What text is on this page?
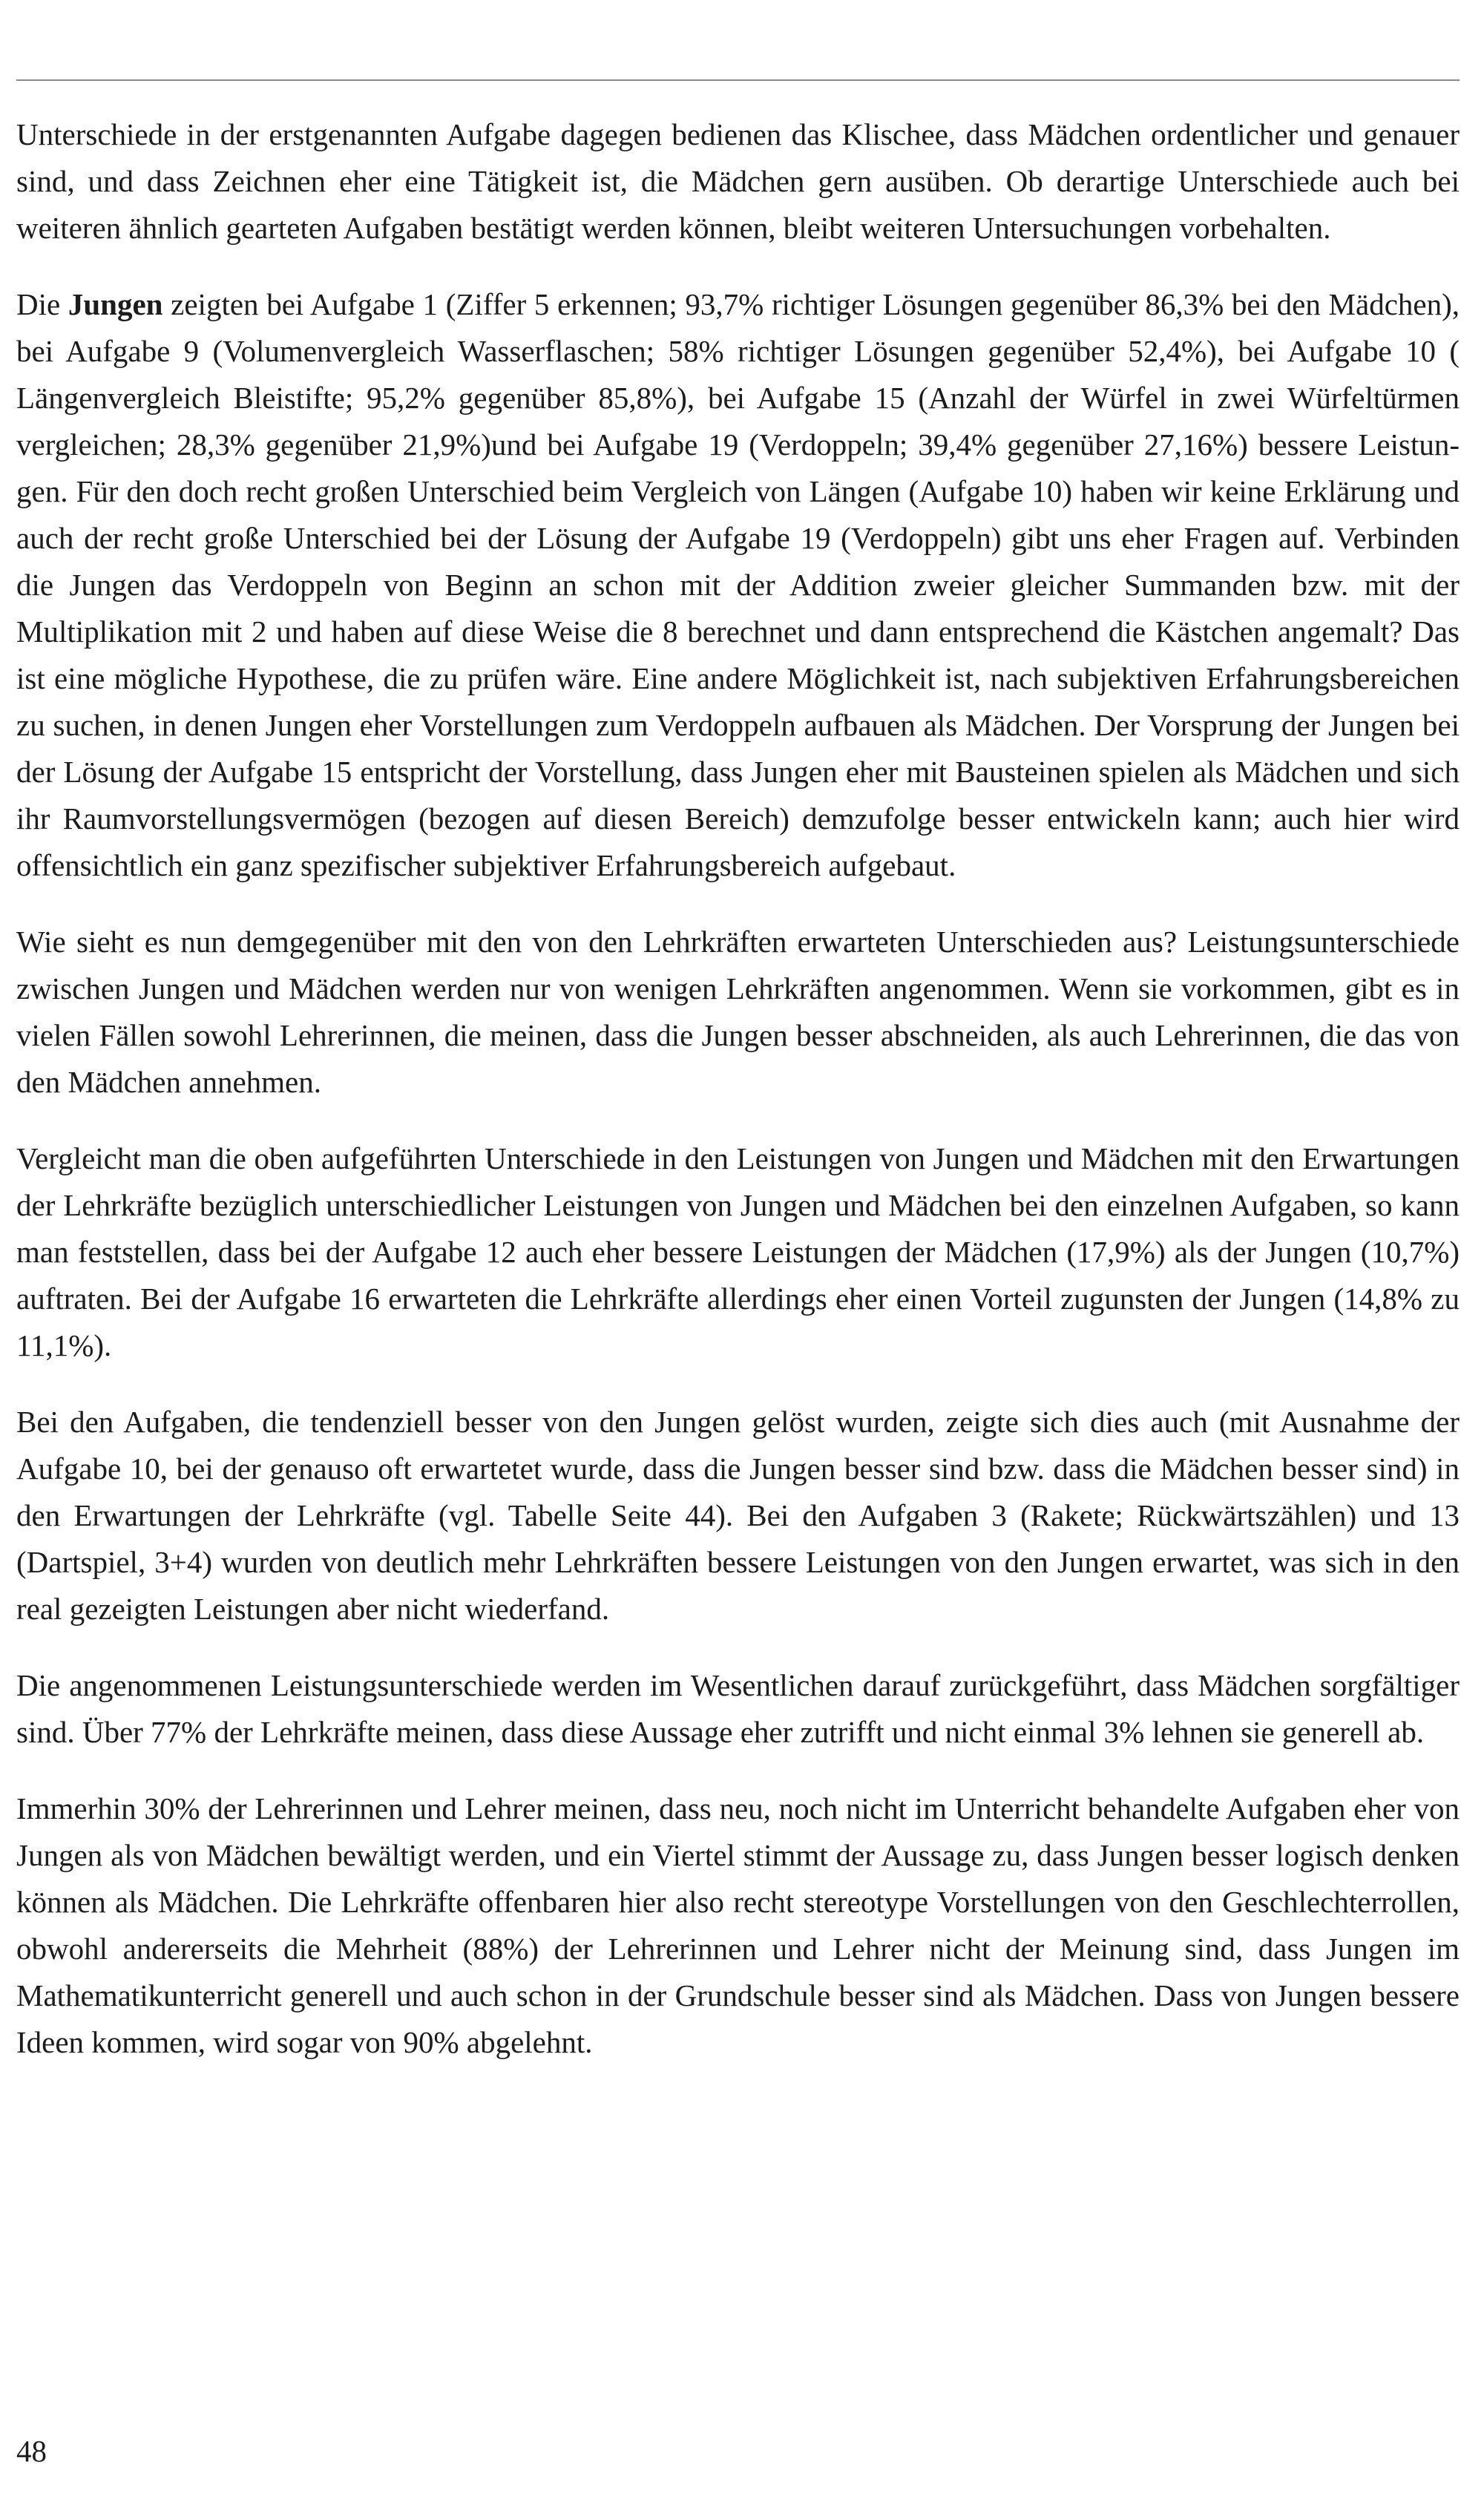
Unterschiede in der erstgenannten Aufgabe dagegen bedienen das Klischee, dass Mädchen ordentlicher und genauer sind, und dass Zeichnen eher eine Tätigkeit ist, die Mädchen gern ausüben. Ob derartige Unterschiede auch bei weiteren ähnlich gearteten Aufgaben bestätigt werden können, bleibt weiteren Untersuchungen vorbehalten.

Die Jungen zeigten bei Aufgabe 1 (Ziffer 5 erkennen; 93,7% richtiger Lösungen gegenüber 86,3% bei den Mädchen), bei Aufgabe 9 (Volumenvergleich Wasserflaschen; 58% richtiger Lösungen gegenüber 52,4%), bei Aufgabe 10 ( Längenvergleich Bleistifte; 95,2% gegenüber 85,8%), bei Aufgabe 15 (Anzahl der Würfel in zwei Würfeltürmen vergleichen; 28,3% gegenüber 21,9%)und bei Aufgabe 19 (Verdoppeln; 39,4% gegenüber 27,16%) bessere Leistungen. Für den doch recht großen Unterschied beim Vergleich von Längen (Aufgabe 10) haben wir keine Erklärung und auch der recht große Unterschied bei der Lösung der Aufgabe 19 (Verdoppeln) gibt uns eher Fragen auf. Verbinden die Jungen das Verdoppeln von Beginn an schon mit der Addition zweier gleicher Summanden bzw. mit der Multiplikation mit 2 und haben auf diese Weise die 8 berechnet und dann entsprechend die Kästchen angemalt? Das ist eine mögliche Hypothese, die zu prüfen wäre. Eine andere Möglichkeit ist, nach subjektiven Erfahrungsbereichen zu suchen, in denen Jungen eher Vorstellungen zum Verdoppeln aufbauen als Mädchen. Der Vorsprung der Jungen bei der Lösung der Aufgabe 15 entspricht der Vorstellung, dass Jungen eher mit Bausteinen spielen als Mädchen und sich ihr Raumvorstellungsvermögen (bezogen auf diesen Bereich) demzufolge besser entwickeln kann; auch hier wird offensichtlich ein ganz spezifischer subjektiver Erfahrungsbereich aufgebaut.

Wie sieht es nun demgegenüber mit den von den Lehrkräften erwarteten Unterschieden aus? Leistungsunterschiede zwischen Jungen und Mädchen werden nur von wenigen Lehrkräften angenommen. Wenn sie vorkommen, gibt es in vielen Fällen sowohl Lehrerinnen, die meinen, dass die Jungen besser abschneiden, als auch Lehrerinnen, die das von den Mädchen annehmen.

Vergleicht man die oben aufgeführten Unterschiede in den Leistungen von Jungen und Mädchen mit den Erwartungen der Lehrkräfte bezüglich unterschiedlicher Leistungen von Jungen und Mädchen bei den einzelnen Aufgaben, so kann man feststellen, dass bei der Aufgabe 12 auch eher bessere Leistungen der Mädchen (17,9%) als der Jungen (10,7%) auftraten. Bei der Aufgabe 16 erwarteten die Lehrkräfte allerdings eher einen Vorteil zugunsten der Jungen (14,8% zu 11,1%).

Bei den Aufgaben, die tendenziell besser von den Jungen gelöst wurden, zeigte sich dies auch (mit Ausnahme der Aufgabe 10, bei der genauso oft erwartetet wurde, dass die Jungen besser sind bzw. dass die Mädchen besser sind) in den Erwartungen der Lehrkräfte (vgl. Tabelle Seite 44). Bei den Aufgaben 3 (Rakete; Rückwärtszählen) und 13 (Dartspiel, 3+4) wurden von deutlich mehr Lehrkräften bessere Leistungen von den Jungen erwartet, was sich in den real gezeigten Leistungen aber nicht wiederfand.

Die angenommenen Leistungsunterschiede werden im Wesentlichen darauf zurückgeführt, dass Mädchen sorgfältiger sind. Über 77% der Lehrkräfte meinen, dass diese Aussage eher zutrifft und nicht einmal 3% lehnen sie generell ab.

Immerhin 30% der Lehrerinnen und Lehrer meinen, dass neu, noch nicht im Unterricht behandelte Aufgaben eher von Jungen als von Mädchen bewältigt werden, und ein Viertel stimmt der Aussage zu, dass Jungen besser logisch denken können als Mädchen. Die Lehrkräfte offenbaren hier also recht stereotype Vorstellungen von den Geschlechterrollen, obwohl andererseits die Mehrheit (88%) der Lehrerinnen und Lehrer nicht der Meinung sind, dass Jungen im Mathematikunterricht generell und auch schon in der Grundschule besser sind als Mädchen. Dass von Jungen bessere Ideen kommen, wird sogar von 90% abgelehnt.

48
